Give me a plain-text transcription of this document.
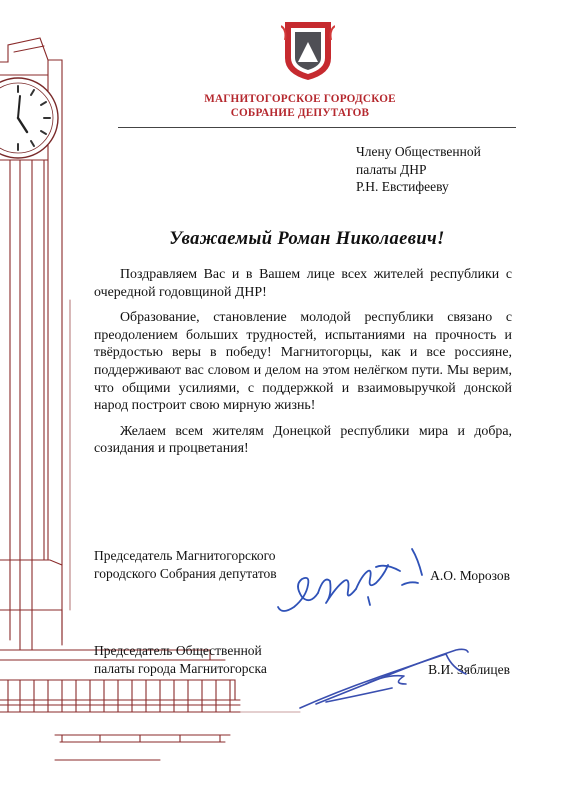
МАГНИТОГОРСКОЕ ГОРОДСКОЕ
СОБРАНИЕ ДЕПУТАТОВ
Члену Общественной
палаты ДНР
Р.Н. Евстифееву
Уважаемый Роман Николаевич!

Поздравляем Вас и в Вашем лице всех жителей республики с очередной годовщиной ДНР!

Образование, становление молодой республики связано с преодолением больших трудностей, испытаниями на прочность и твёрдостью веры в победу! Магнитогорцы, как и все россияне, поддерживают вас словом и делом на этом нелёгком пути. Мы верим, что общими усилиями, с поддержкой и взаимовыручкой донской народ построит свою мирную жизнь!

Желаем всем жителям Донецкой республики мира и добра, созидания и процветания!

Председатель Магнитогорского
городского Собрания депутатов	А.О. Морозов
Председатель Общественной
палаты города Магнитогорска	В.И. Зяблицев
